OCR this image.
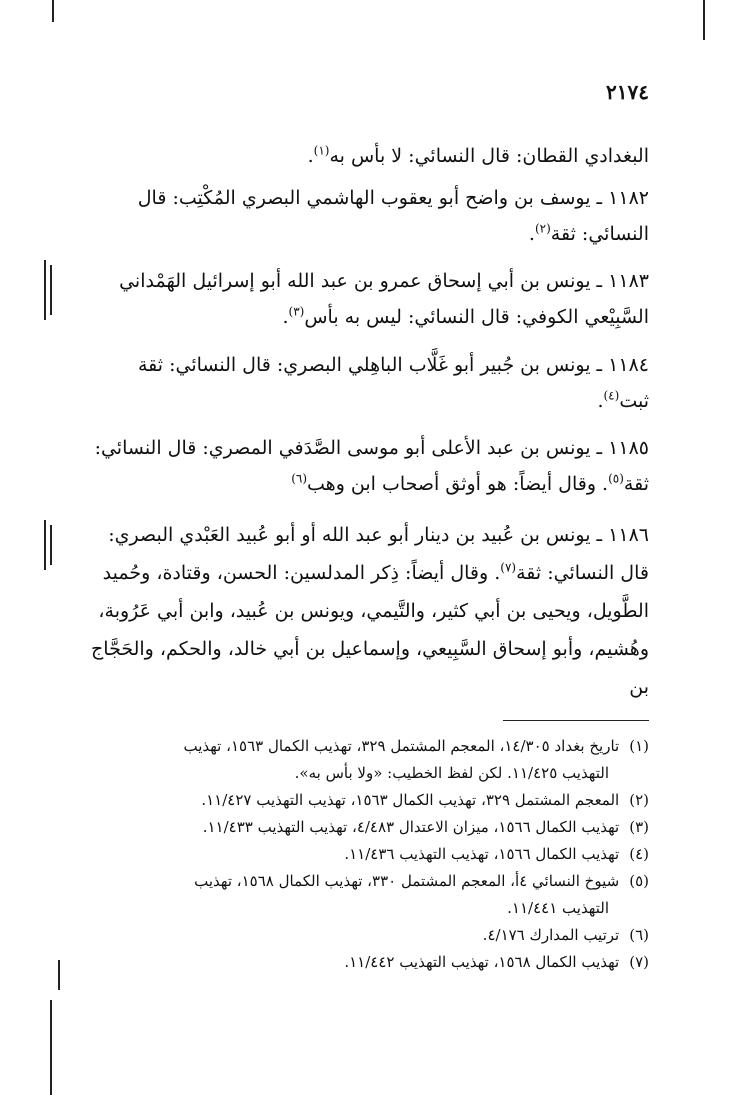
٢١٧٤
البغدادي القطان: قال النسائي: لا بأس به$^{(١)}$.
١١٨٢ ـ يوسف بن واضح أبو يعقوب الهاشمي البصري المُكْتِب: قال النسائي: ثقة$^{(٢)}$.
١١٨٣ ـ يونس بن أبي إسحاق عمرو بن عبد الله أبو إسرائيل الهَمْداني السَّبِيْعي الكوفي: قال النسائي: ليس به بأس$^{(٣)}$.
١١٨٤ ـ يونس بن جُبير أبو غَلَّاب الباهِلي البصري: قال النسائي: ثقة ثبت$^{(٤)}$.
١١٨٥ ـ يونس بن عبد الأعلى أبو موسى الصَّدَفي المصري: قال النسائي: ثقة$^{(٥)}$. وقال أيضاً: هو أوثق أصحاب ابن وهب$^{(٦)}$
١١٨٦ ـ يونس بن عُبيد بن دينار أبو عبد الله أو أبو عُبيد العَبْدي البصري: قال النسائي: ثقة$^{(٧)}$. وقال أيضاً: ذِكر المدلسين: الحسن، وقتادة، وحُميد الطَّويل، ويحيى بن أبي كثير، والتَّيمي، ويونس بن عُبيد، وابن أبي عَرُوبة، وهُشيم، وأبو إسحاق السَّبِيعي، وإسماعيل بن أبي خالد، والحكم، والحَجَّاج بن

(١)تاريخ بغداد ١٤/٣٠٥، المعجم المشتمل ٣٢٩، تهذيب الكمال ١٥٦٣، تهذيب
التهذيب ١١/٤٢٥. لكن لفظ الخطيب: «ولا بأس به».

(٢)المعجم المشتمل ٣٢٩، تهذيب الكمال ١٥٦٣، تهذيب التهذيب ١١/٤٢٧.

(٣)تهذيب الكمال ١٥٦٦، ميزان الاعتدال ٤/٤٨٣، تهذيب التهذيب ١١/٤٣٣.

(٤)تهذيب الكمال ١٥٦٦، تهذيب التهذيب ١١/٤٣٦.

(٥)شيوخ النسائي ٤أ، المعجم المشتمل ٣٣٠، تهذيب الكمال ١٥٦٨، تهذيب
التهذيب ١١/٤٤١.

(٦)ترتيب المدارك ٤/١٧٦.

(٧)تهذيب الكمال ١٥٦٨، تهذيب التهذيب ١١/٤٤٢.
